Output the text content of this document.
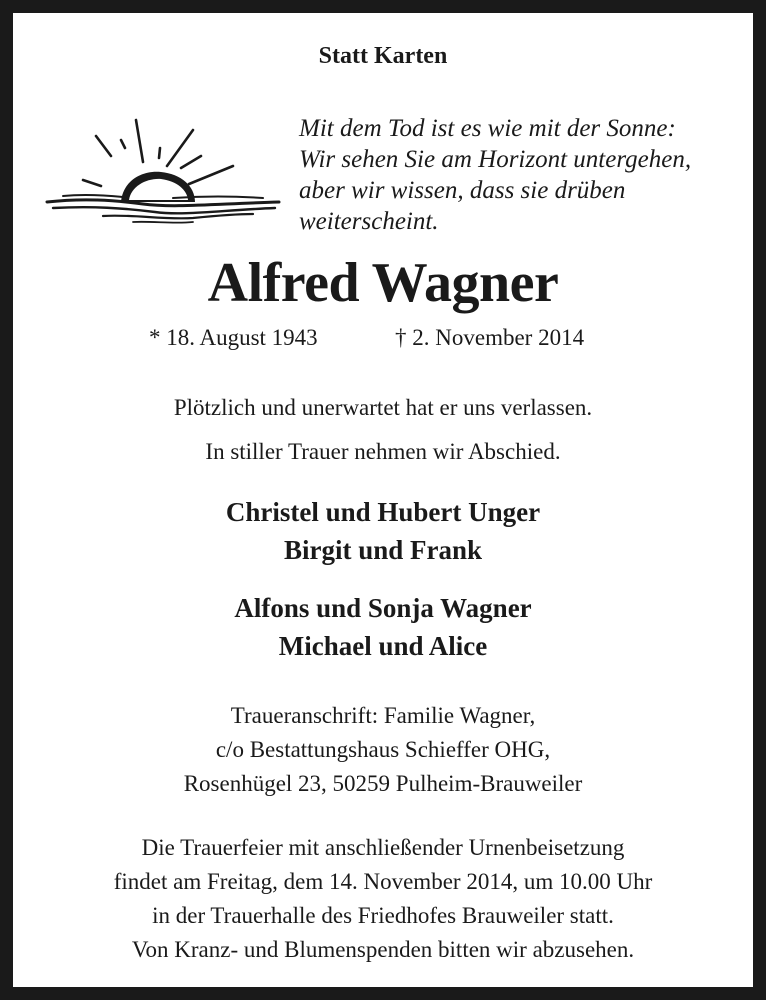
Statt Karten
Mit dem Tod ist es wie mit der Sonne:
Wir sehen Sie am Horizont untergehen,
aber wir wissen, dass sie drüben
weiterscheint.
Alfred Wagner
* 18. August 1943	† 2. November 2014
Plötzlich und unerwartet hat er uns verlassen.
In stiller Trauer nehmen wir Abschied.
Christel und Hubert Unger
Birgit und Frank
Alfons und Sonja Wagner
Michael und Alice
Traueranschrift: Familie Wagner,
c/o Bestattungshaus Schieffer OHG,
Rosenhügel 23, 50259 Pulheim-Brauweiler
Die Trauerfeier mit anschließender Urnenbeisetzung
findet am Freitag, dem 14. November 2014, um 10.00 Uhr
in der Trauerhalle des Friedhofes Brauweiler statt.
Von Kranz- und Blumenspenden bitten wir abzusehen.
